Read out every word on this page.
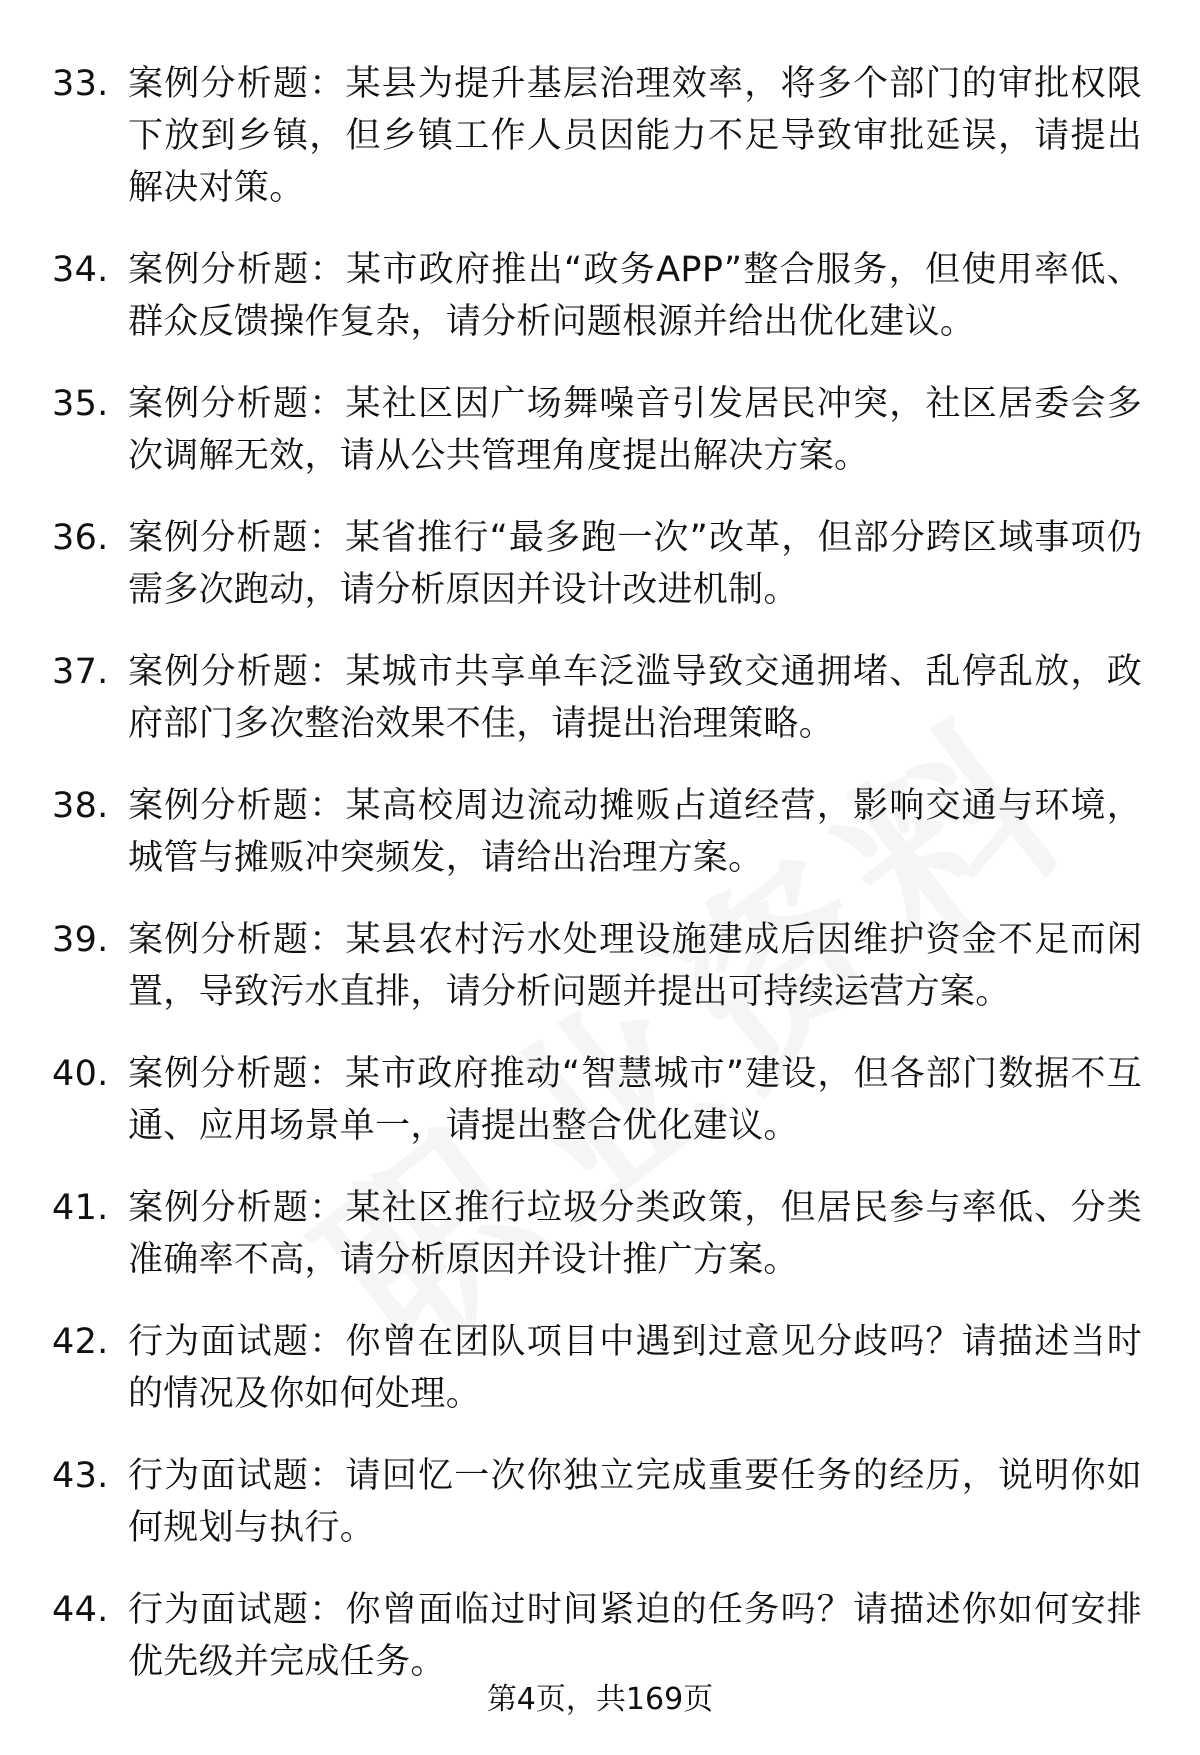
33. 案例分析题：某县为提升基层治理效率，将多个部门的审批权限下放到乡镇，但乡镇工作人员因能力不足导致审批延误，请提出解决对策。
34. 案例分析题：某市政府推出“政务APP”整合服务，但使用率低、群众反馈操作复杂，请分析问题根源并给出优化建议。
35. 案例分析题：某社区因广场舞噪音引发居民冲突，社区居委会多次调解无效，请从公共管理角度提出解决方案。
36. 案例分析题：某省推行“最多跑一次”改革，但部分跨区域事项仍需多次跑动，请分析原因并设计改进机制。
37. 案例分析题：某城市共享单车泛滥导致交通拥堵、乱停乱放，政府部门多次整治效果不佳，请提出治理策略。
38. 案例分析题：某高校周边流动摊贩占道经营，影响交通与环境，城管与摊贩冲突频发，请给出治理方案。
39. 案例分析题：某县农村污水处理设施建成后因维护资金不足而闲置，导致污水直排，请分析问题并提出可持续运营方案。
40. 案例分析题：某市政府推动“智慧城市”建设，但各部门数据不互通、应用场景单一，请提出整合优化建议。
41. 案例分析题：某社区推行垃圾分类政策，但居民参与率低、分类准确率不高，请分析原因并设计推广方案。
42. 行为面试题：你曾在团队项目中遇到过意见分歧吗？请描述当时的情况及你如何处理。
43. 行为面试题：请回忆一次你独立完成重要任务的经历，说明你如何规划与执行。
44. 行为面试题：你曾面临过时间紧迫的任务吗？请描述你如何安排优先级并完成任务。
第4页，共169页
